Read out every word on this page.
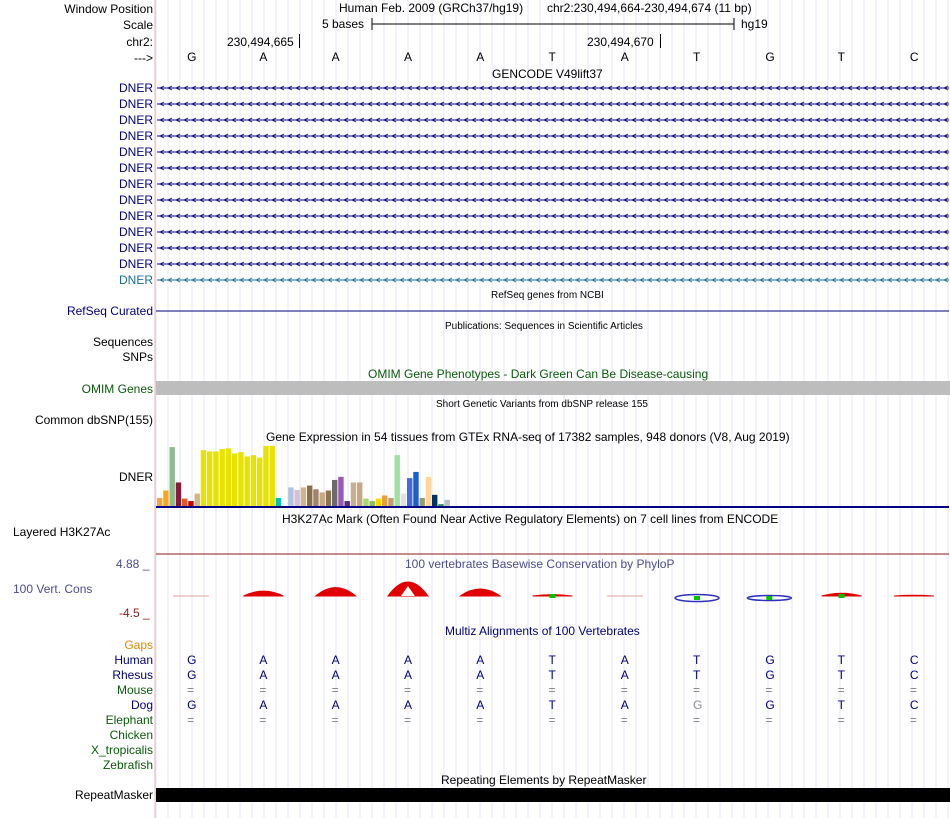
Window Position	Human Feb. 2009 (GRCh37/hg19) chr2:230,494,664-230,494,674 (11 bp)
Scale	5 bases	hg19
chr2:	230,494,665	230,494,670
--->	G	A	A	A	A	T	A	T	G	T	C
GENCODE V49lift37
DNER
DNER
DNER
DNER
DNER
DNER
DNER
DNER
DNER
DNER
DNER
DNER
DNER
RefSeq genes from NCBI
RefSeq Curated
Publications: Sequences in Scientific Articles
Sequences
SNPs
OMIM Gene Phenotypes - Dark Green Can Be Disease-causing
OMIM Genes
Short Genetic Variants from dbSNP release 155
Common dbSNP(155)
Gene Expression in 54 tissues from GTEx RNA-seq of 17382 samples, 948 donors (V8, Aug 2019)
DNER
H3K27Ac Mark (Often Found Near Active Regulatory Elements) on 7 cell lines from ENCODE
Layered H3K27Ac
4.88 _	100 vertebrates Basewise Conservation by PhyloP
100 Vert. Cons
-4.5 _
Gaps
Multiz Alignments of 100 Vertebrates
Human	G	A	A	A	A	T	A	T	G	T	C
Rhesus	G	A	A	A	A	T	A	T	G	T	C
Mouse	=	=	=	=	=	=	=	=	=	=	=
Dog	G	A	A	A	A	T	A	G	G	T	C
Elephant	=	=	=	=	=	=	=	=	=	=	=
Chicken
X_tropicalis
Zebrafish
Repeating Elements by RepeatMasker
RepeatMasker
